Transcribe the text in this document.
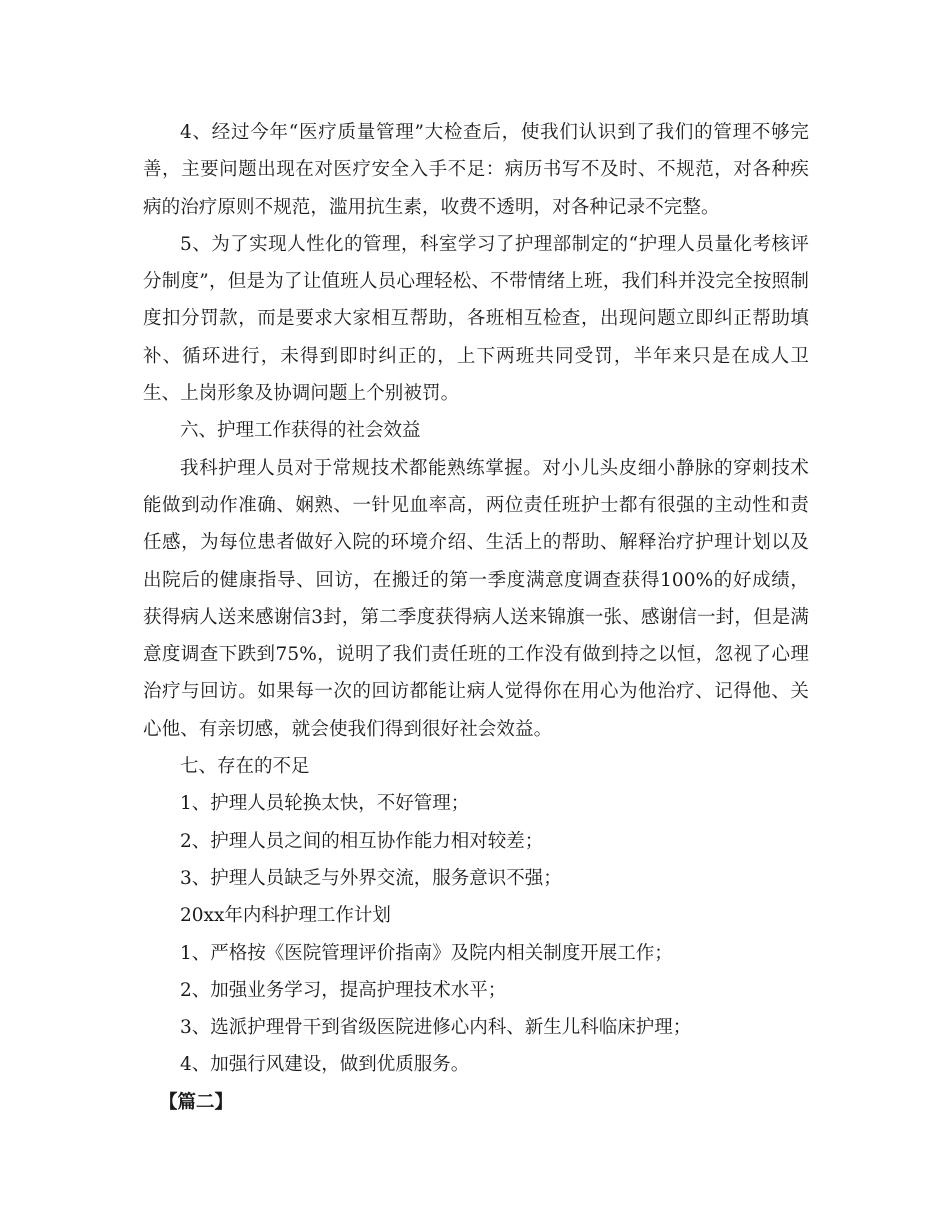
4、经过今年“医疗质量管理”大检查后，使我们认识到了我们的管理不够完善，主要问题出现在对医疗安全入手不足：病历书写不及时、不规范，对各种疾病的治疗原则不规范，滥用抗生素，收费不透明，对各种记录不完整。

5、为了实现人性化的管理，科室学习了护理部制定的“护理人员量化考核评分制度”，但是为了让值班人员心理轻松、不带情绪上班，我们科并没完全按照制度扣分罚款，而是要求大家相互帮助，各班相互检查，出现问题立即纠正帮助填补、循环进行，未得到即时纠正的，上下两班共同受罚，半年来只是在成人卫生、上岗形象及协调问题上个别被罚。

六、护理工作获得的社会效益

我科护理人员对于常规技术都能熟练掌握。对小儿头皮细小静脉的穿刺技术能做到动作准确、娴熟、一针见血率高，两位责任班护士都有很强的主动性和责任感，为每位患者做好入院的环境介绍、生活上的帮助、解释治疗护理计划以及出院后的健康指导、回访，在搬迁的第一季度满意度调查获得100%的好成绩，获得病人送来感谢信3封，第二季度获得病人送来锦旗一张、感谢信一封，但是满意度调查下跌到75%，说明了我们责任班的工作没有做到持之以恒，忽视了心理治疗与回访。如果每一次的回访都能让病人觉得你在用心为他治疗、记得他、关心他、有亲切感，就会使我们得到很好社会效益。

七、存在的不足

1、护理人员轮换太快，不好管理；

2、护理人员之间的相互协作能力相对较差；

3、护理人员缺乏与外界交流，服务意识不强；

20xx年内科护理工作计划

1、严格按《医院管理评价指南》及院内相关制度开展工作；

2、加强业务学习，提高护理技术水平；

3、选派护理骨干到省级医院进修心内科、新生儿科临床护理；

4、加强行风建设，做到优质服务。

【篇二】
